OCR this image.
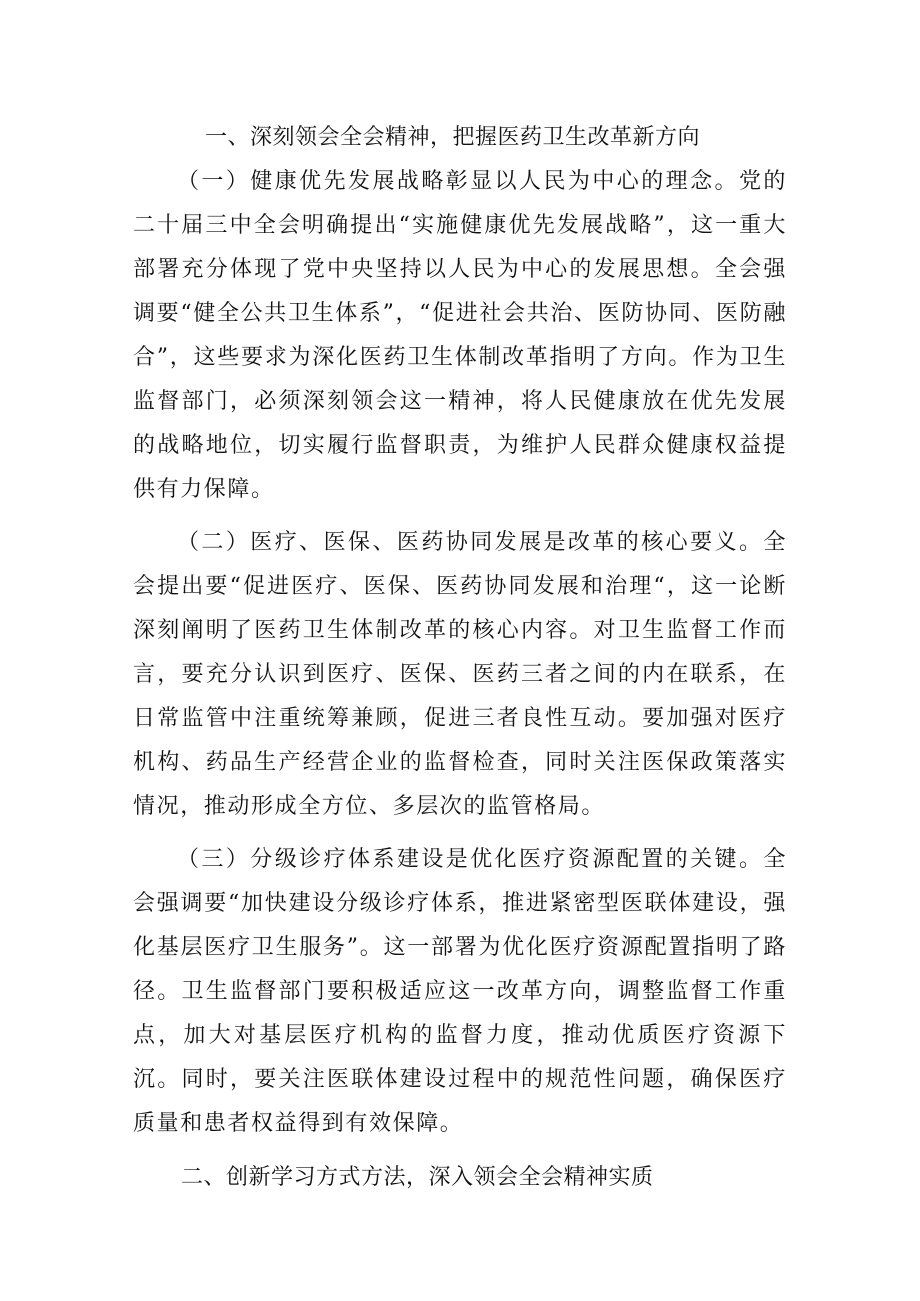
一、深刻领会全会精神，把握医药卫生改革新方向

（一）健康优先发展战略彰显以人民为中心的理念。党的二十届三中全会明确提出“实施健康优先发展战略”，这一重大部署充分体现了党中央坚持以人民为中心的发展思想。全会强调要“健全公共卫生体系”，“促进社会共治、医防协同、医防融合”，这些要求为深化医药卫生体制改革指明了方向。作为卫生监督部门，必须深刻领会这一精神，将人民健康放在优先发展的战略地位，切实履行监督职责，为维护人民群众健康权益提供有力保障。

（二）医疗、医保、医药协同发展是改革的核心要义。全会提出要“促进医疗、医保、医药协同发展和治理“，这一论断深刻阐明了医药卫生体制改革的核心内容。对卫生监督工作而言，要充分认识到医疗、医保、医药三者之间的内在联系，在日常监管中注重统筹兼顾，促进三者良性互动。要加强对医疗机构、药品生产经营企业的监督检查，同时关注医保政策落实情况，推动形成全方位、多层次的监管格局。

（三）分级诊疗体系建设是优化医疗资源配置的关键。全会强调要“加快建设分级诊疗体系，推进紧密型医联体建设，强化基层医疗卫生服务”。这一部署为优化医疗资源配置指明了路径。卫生监督部门要积极适应这一改革方向，调整监督工作重点，加大对基层医疗机构的监督力度，推动优质医疗资源下沉。同时，要关注医联体建设过程中的规范性问题，确保医疗质量和患者权益得到有效保障。

二、创新学习方式方法，深入领会全会精神实质
